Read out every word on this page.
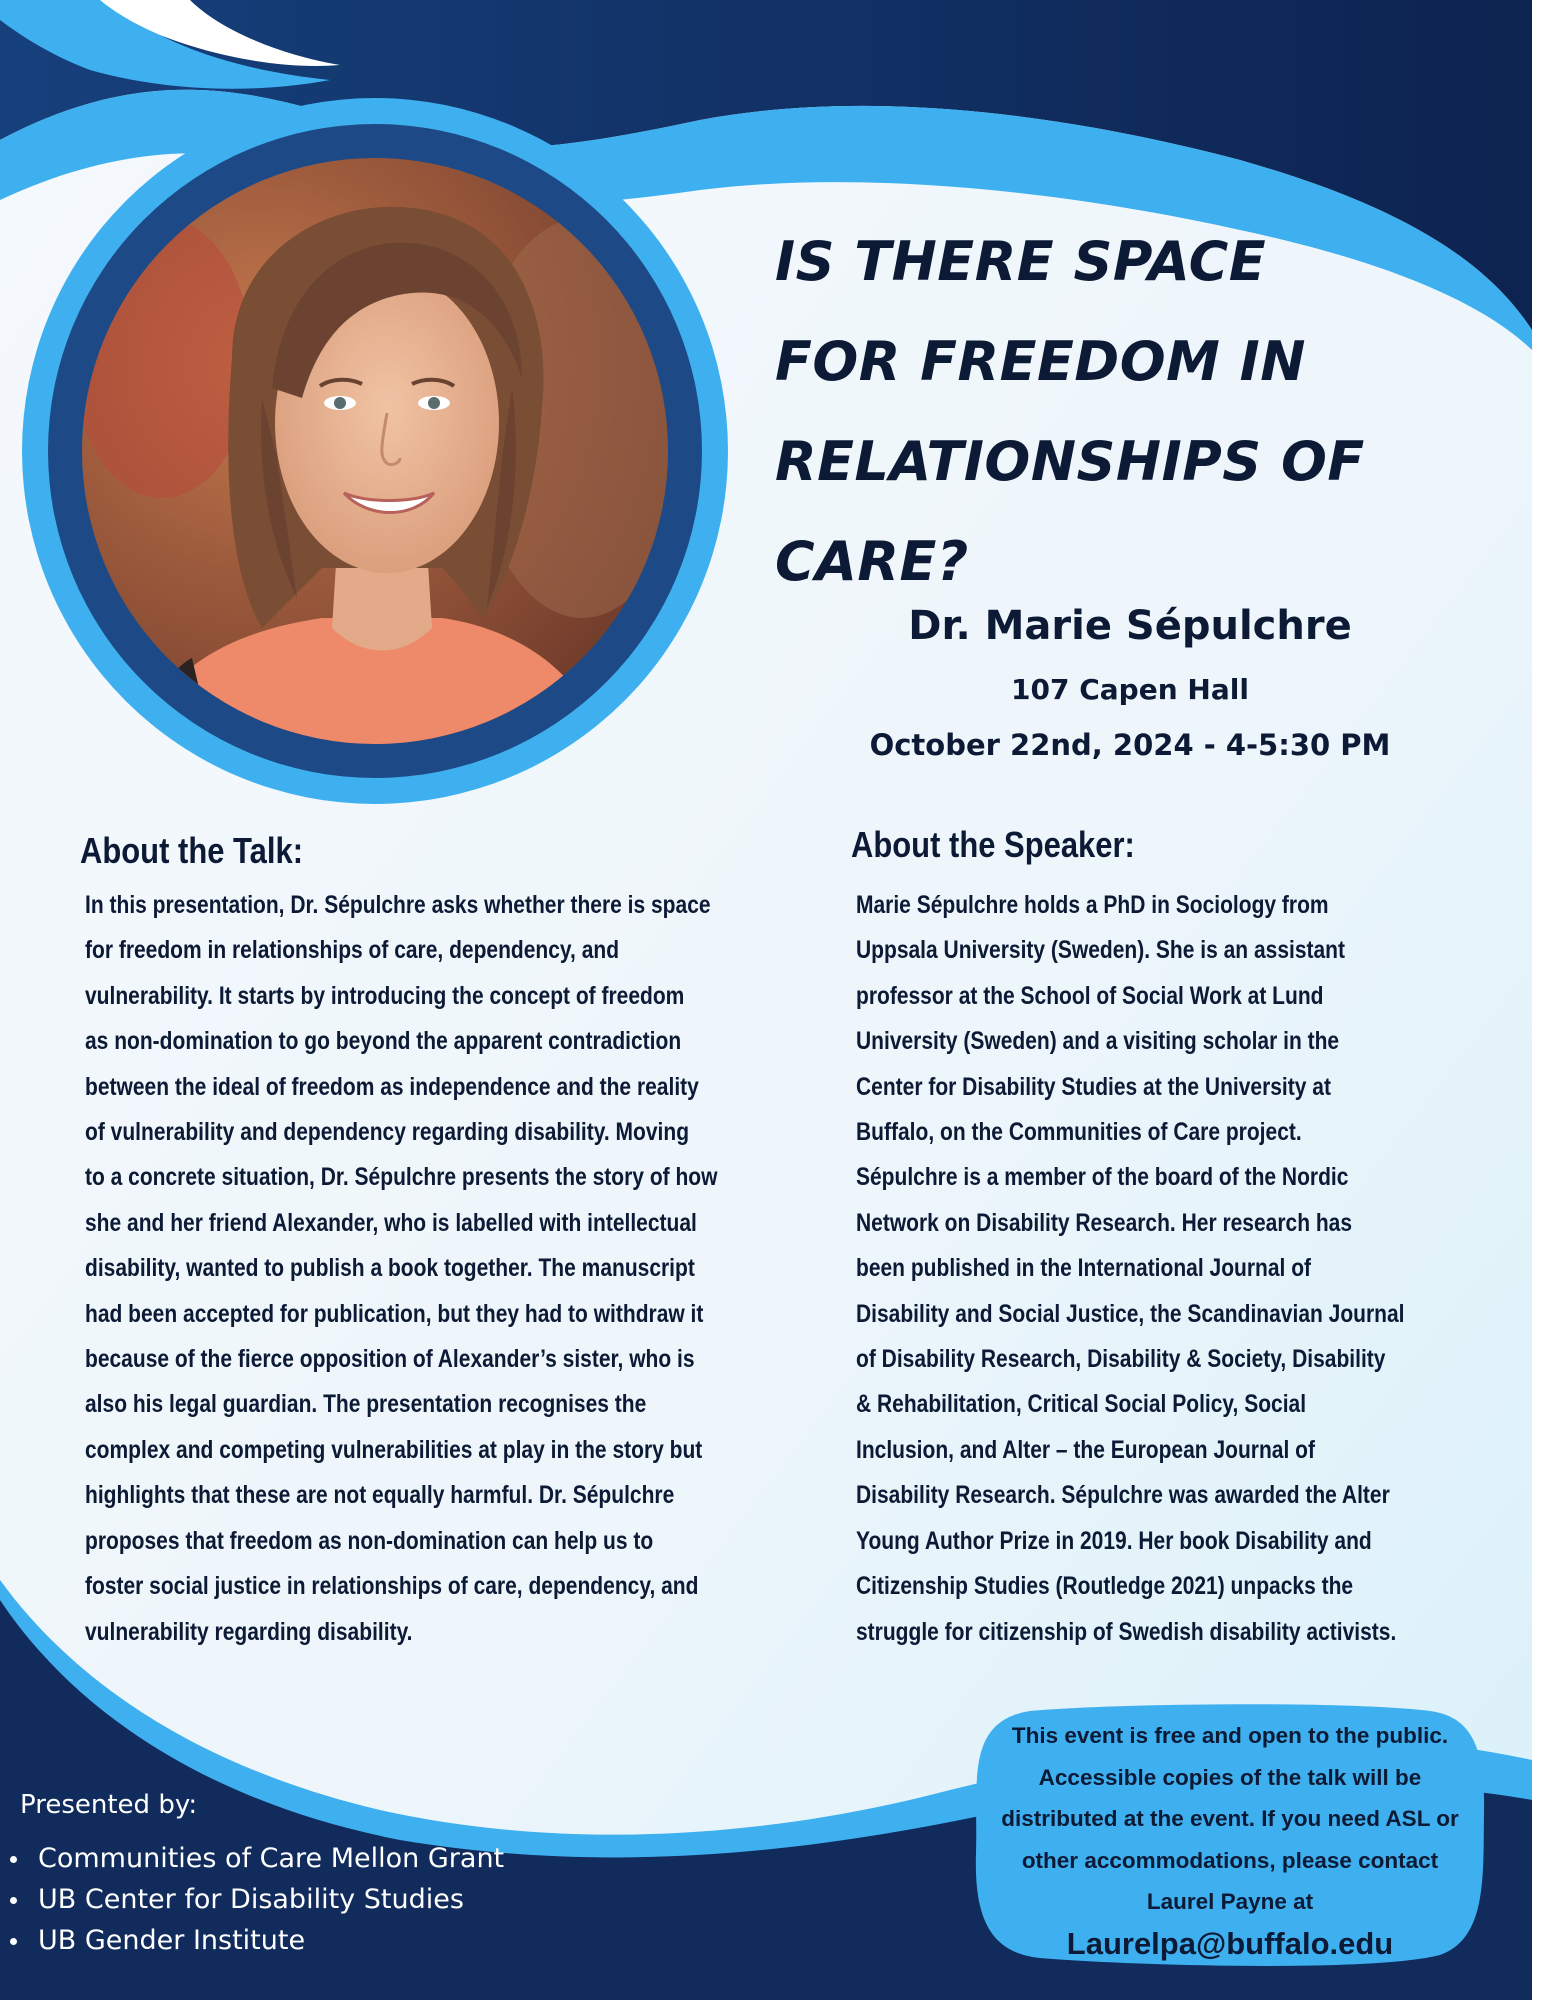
IS THERE SPACE
FOR FREEDOM IN
RELATIONSHIPS OF
CARE?
Dr. Marie Sépulchre
107 Capen Hall
October 22nd, 2024 - 4-5:30 PM
About the Talk:
In this presentation, Dr. Sépulchre asks whether there is space
for freedom in relationships of care, dependency, and
vulnerability. It starts by introducing the concept of freedom
as non-domination to go beyond the apparent contradiction
between the ideal of freedom as independence and the reality
of vulnerability and dependency regarding disability. Moving
to a concrete situation, Dr. Sépulchre presents the story of how
she and her friend Alexander, who is labelled with intellectual
disability, wanted to publish a book together. The manuscript
had been accepted for publication, but they had to withdraw it
because of the fierce opposition of Alexander’s sister, who is
also his legal guardian. The presentation recognises the
complex and competing vulnerabilities at play in the story but
highlights that these are not equally harmful. Dr. Sépulchre
proposes that freedom as non-domination can help us to
foster social justice in relationships of care, dependency, and
vulnerability regarding disability.
About the Speaker:
Marie Sépulchre holds a PhD in Sociology from
Uppsala University (Sweden). She is an assistant
professor at the School of Social Work at Lund
University (Sweden) and a visiting scholar in the
Center for Disability Studies at the University at
Buffalo, on the Communities of Care project.
Sépulchre is a member of the board of the Nordic
Network on Disability Research. Her research has
been published in the International Journal of
Disability and Social Justice, the Scandinavian Journal
of Disability Research, Disability & Society, Disability
& Rehabilitation, Critical Social Policy, Social
Inclusion, and Alter – the European Journal of
Disability Research. Sépulchre was awarded the Alter
Young Author Prize in 2019. Her book Disability and
Citizenship Studies (Routledge 2021) unpacks the
struggle for citizenship of Swedish disability activists.
Presented by:
Communities of Care Mellon Grant
UB Center for Disability Studies
UB Gender Institute
This event is free and open to the public.
Accessible copies of the talk will be
distributed at the event. If you need ASL or
other accommodations, please contact
Laurel Payne at
Laurelpa@buffalo.edu
